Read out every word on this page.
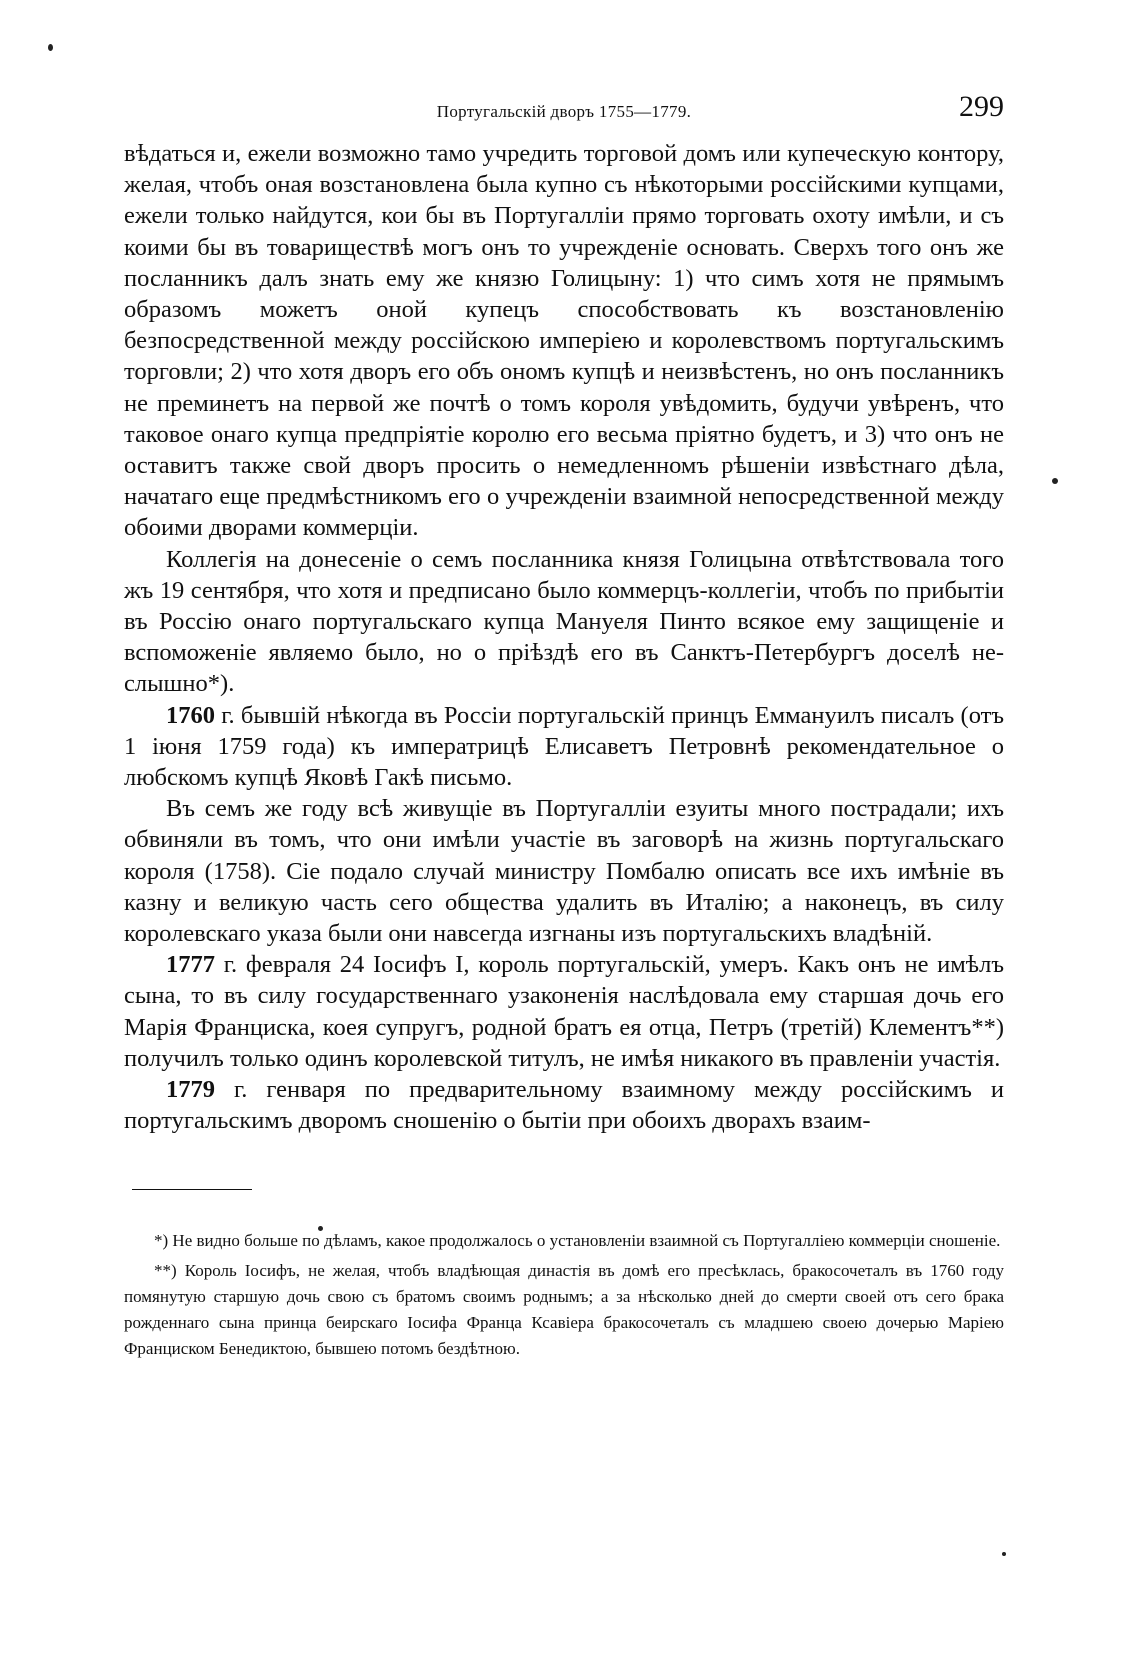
Португальскій дворъ 1755—1779.	299

вѣдаться и, ежели возможно тамо учредить торговой домъ или купеческую контору, желая, чтобъ оная возстановлена была купно съ нѣкоторыми россійскими купцами, ежели только найдутся, кои бы въ Португаллiи прямо торговать охоту имѣли, и съ коими бы въ товариществѣ могъ онъ то учрежденіе основать. Сверхъ того онъ же посланникъ далъ знать ему же князю Голицыну: 1) что симъ хотя не прямымъ образомъ можетъ оной купецъ способствовать къ возстановленію безпосредственной между россійскою имперіею и королевствомъ португальскимъ торговли; 2) что хотя дворъ его объ ономъ купцѣ и неизвѣстенъ, но онъ посланникъ не преминетъ на первой же почтѣ о томъ короля увѣдомить, будучи увѣренъ, что таковое онаго купца предпріятіе королю его весьма пріятно будетъ, и 3) что онъ не оставитъ также свой дворъ просить о немедленномъ рѣшеніи извѣстнаго дѣла, начатаго еще предмѣстникомъ его о учрежденіи взаимной непосредственной между обоими дворами коммерціи.

Коллегія на донесеніе о семъ посланника князя Голицына отвѣтствовала того жъ 19 сентября, что хотя и предписано было коммерцъ-коллегіи, чтобъ по прибытіи въ Россію онаго португальскаго купца Мануеля Пинто всякое ему защищеніе и вспоможеніе являемо было, но о пріѣздѣ его въ Санктъ-Петербургъ доселѣ не-слышно*).

1760 г. бывшій нѣкогда въ Россіи португальскій принцъ Еммануилъ писалъ (отъ 1 іюня 1759 года) къ императрицѣ Елисаветъ Петровнѣ рекомендательное о любскомъ купцѣ Яковѣ Гакѣ письмо.

Въ семъ же году всѣ живущіе въ Португалліи езуиты много пострадали; ихъ обвиняли въ томъ, что они имѣли участіе въ заговорѣ на жизнь португальскаго короля (1758). Сіе подало случай министру Помбалю описать все ихъ имѣніе въ казну и великую часть сего общества удалить въ Италію; а наконецъ, въ силу королевскаго указа были они навсегда изгнаны изъ португальскихъ владѣній.

1777 г. февраля 24 Іосифъ I, король португальскій, умеръ. Какъ онъ не имѣлъ сына, то въ силу государственнаго узаконенія наслѣдовала ему старшая дочь его Марія Франциска, коея супругъ, родной братъ ея отца, Петръ (третій) Клементъ**) получилъ только одинъ королевской титулъ, не имѣя никакого въ правленіи участія.

1779 г. генваря по предварительному взаимному между россійскимъ и португальскимъ дворомъ сношенію о бытіи при обоихъ дворахъ взаим-

*) Не видно больше по дѣламъ, какое продолжалось о установленіи взаимной съ Португалліею коммерціи сношеніе.

**) Король Іосифъ, не желая, чтобъ владѣющая династія въ домѣ его пресѣклась, бракосочеталъ въ 1760 году помянутую старшую дочь свою съ братомъ своимъ роднымъ; а за нѣсколько дней до смерти своей отъ сего брака рожденнаго сына принца беирскаго Іосифа Франца Ксавіера бракосочеталъ съ младшею своею дочерью Маріею Франциском Бенедиктою, бывшею потомъ бездѣтною.
